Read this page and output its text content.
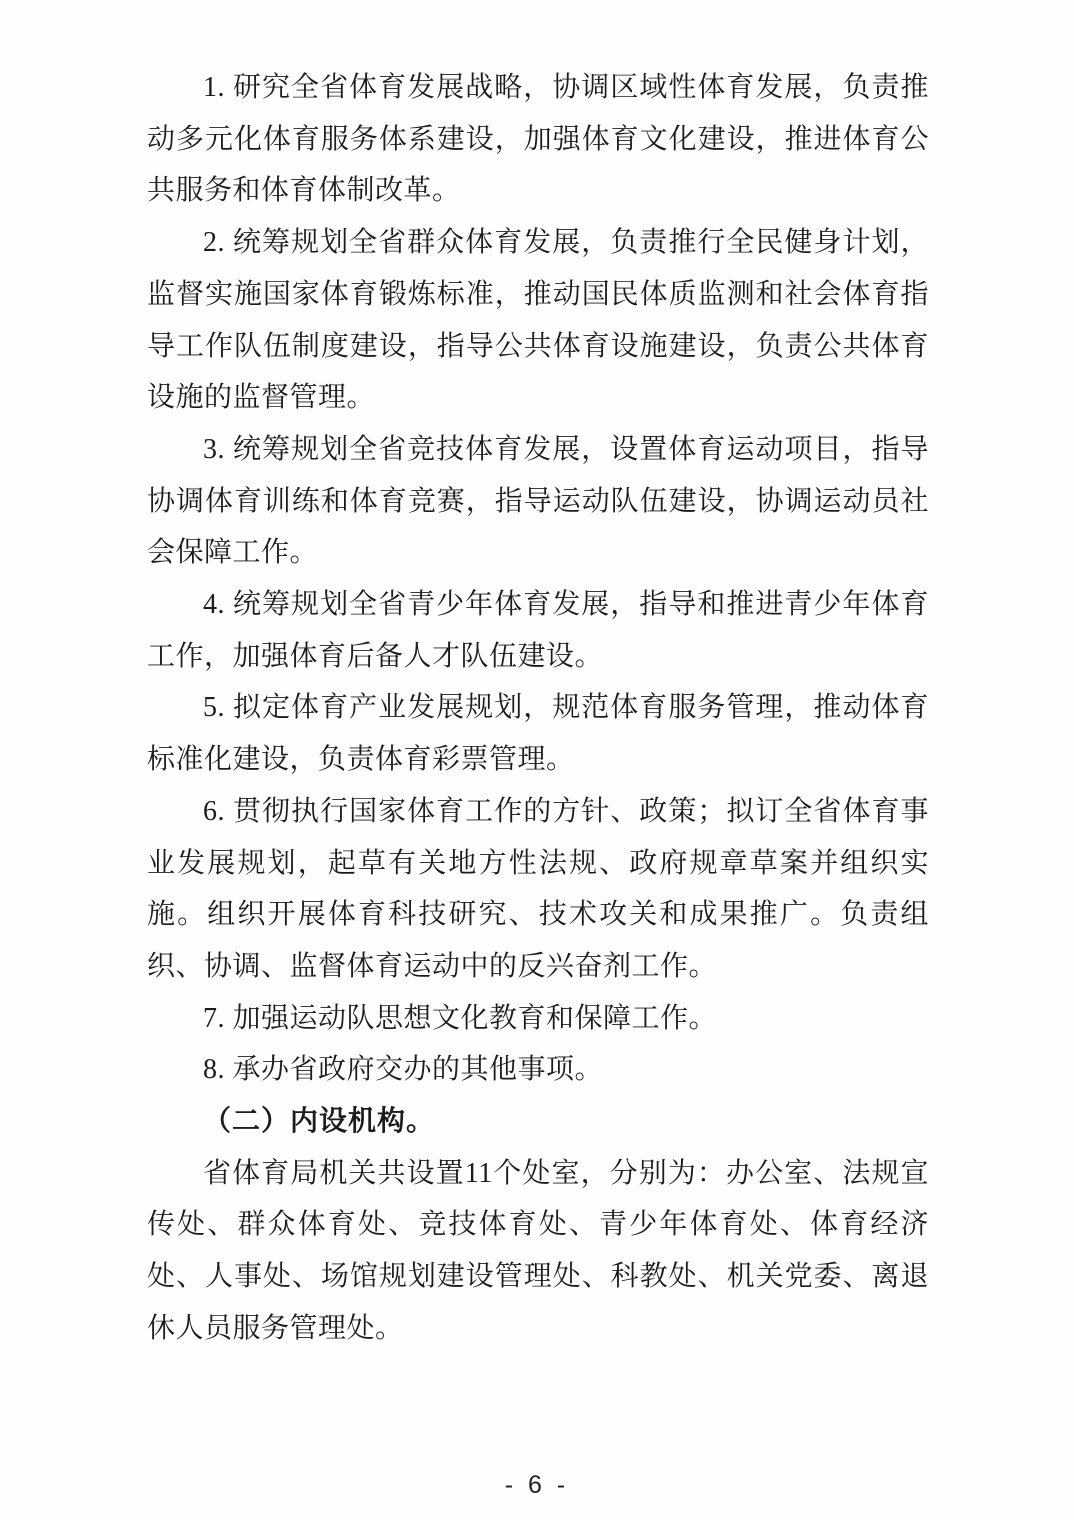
1. 研究全省体育发展战略，协调区域性体育发展，负责推动多元化体育服务体系建设，加强体育文化建设，推进体育公共服务和体育体制改革。

2. 统筹规划全省群众体育发展，负责推行全民健身计划，监督实施国家体育锻炼标准，推动国民体质监测和社会体育指导工作队伍制度建设，指导公共体育设施建设，负责公共体育设施的监督管理。

3. 统筹规划全省竞技体育发展，设置体育运动项目，指导协调体育训练和体育竞赛，指导运动队伍建设，协调运动员社会保障工作。

4. 统筹规划全省青少年体育发展，指导和推进青少年体育工作，加强体育后备人才队伍建设。

5. 拟定体育产业发展规划，规范体育服务管理，推动体育标准化建设，负责体育彩票管理。

6. 贯彻执行国家体育工作的方针、政策；拟订全省体育事业发展规划，起草有关地方性法规、政府规章草案并组织实施。组织开展体育科技研究、技术攻关和成果推广。负责组织、协调、监督体育运动中的反兴奋剂工作。

7. 加强运动队思想文化教育和保障工作。

8. 承办省政府交办的其他事项。

（二）内设机构。

省体育局机关共设置11个处室，分别为：办公室、法规宣传处、群众体育处、竞技体育处、青少年体育处、体育经济处、人事处、场馆规划建设管理处、科教处、机关党委、离退休人员服务管理处。

- 6 -
